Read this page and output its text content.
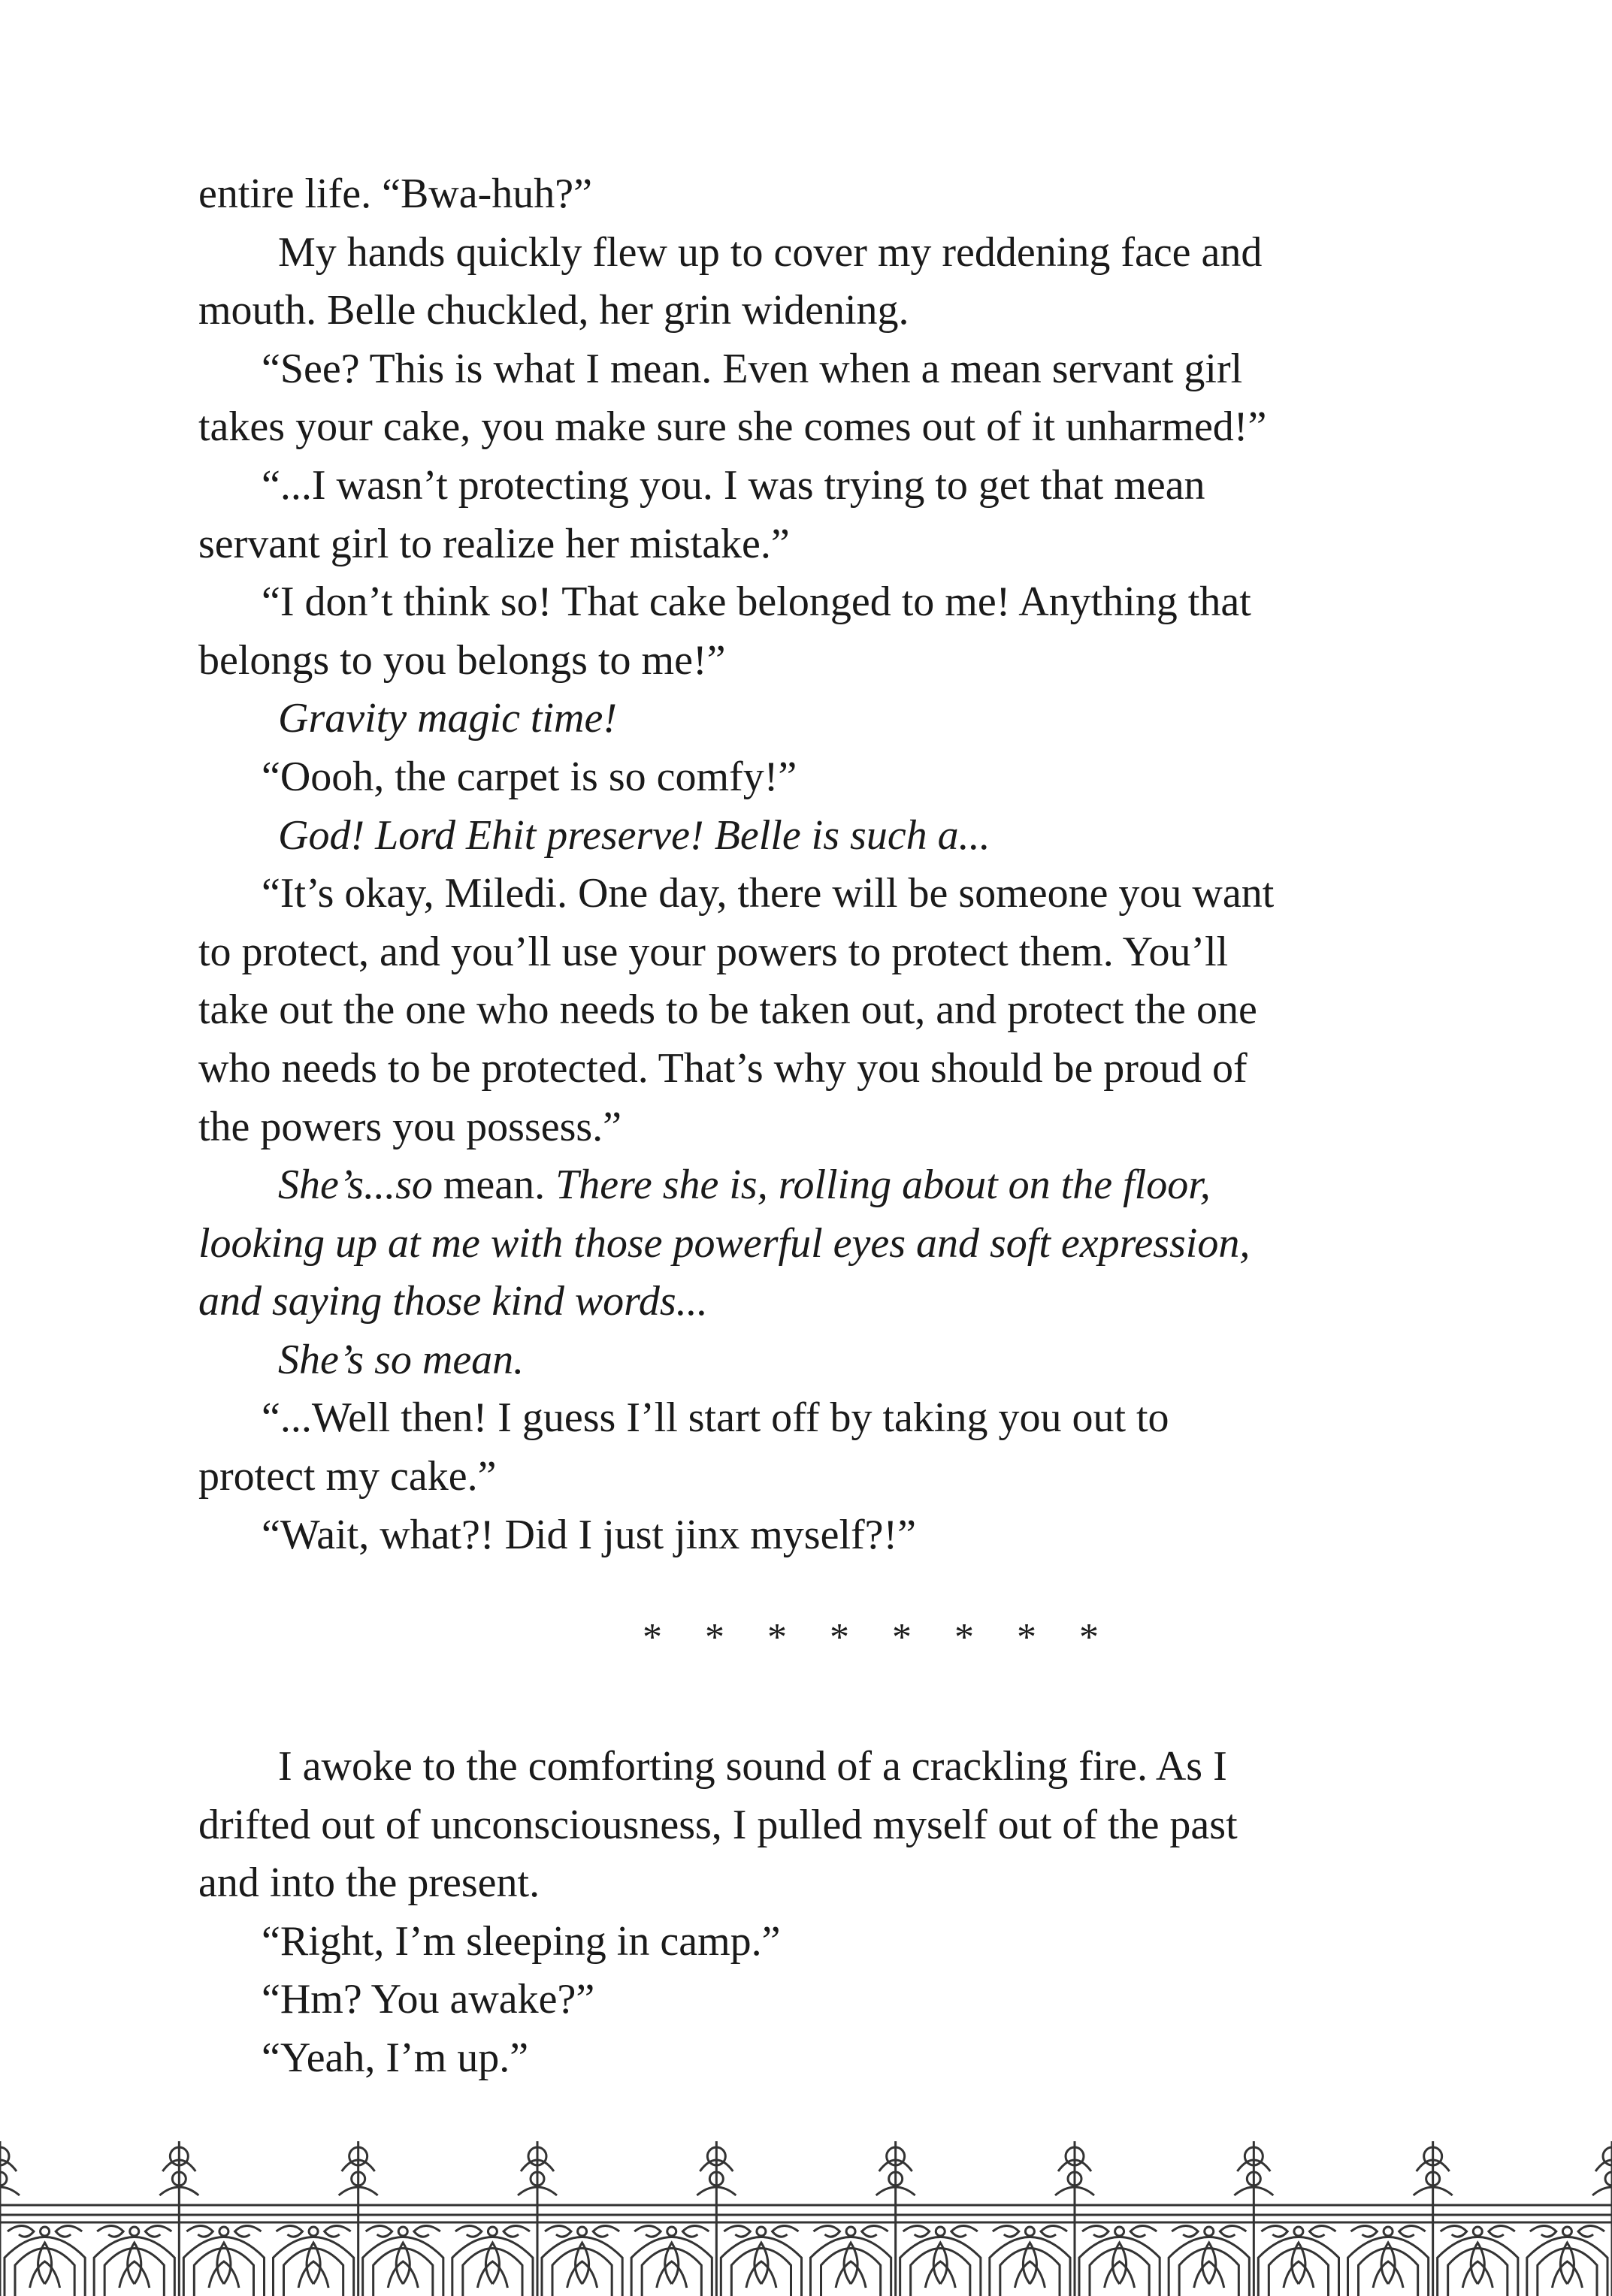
entire life. “Bwa-huh?”
My hands quickly flew up to cover my reddening face and
mouth. Belle chuckled, her grin widening.
“See? This is what I mean. Even when a mean servant girl
takes your cake, you make sure she comes out of it unharmed!”
“...I wasn’t protecting you. I was trying to get that mean
servant girl to realize her mistake.”
“I don’t think so! That cake belonged to me! Anything that
belongs to you belongs to me!”
Gravity magic time!
“Oooh, the carpet is so comfy!”
God! Lord Ehit preserve! Belle is such a...
“It’s okay, Miledi. One day, there will be someone you want
to protect, and you’ll use your powers to protect them. You’ll
take out the one who needs to be taken out, and protect the one
who needs to be protected. That’s why you should be proud of
the powers you possess.”
She’s...so mean. There she is, rolling about on the floor,
looking up at me with those powerful eyes and soft expression,
and saying those kind words...
She’s so mean.
“...Well then! I guess I’ll start off by taking you out to
protect my cake.”
“Wait, what?! Did I just jinx myself?!”
* * * * * * * *
I awoke to the comforting sound of a crackling fire. As I
drifted out of unconsciousness, I pulled myself out of the past
and into the present.
“Right, I’m sleeping in camp.”
“Hm? You awake?”
“Yeah, I’m up.”
